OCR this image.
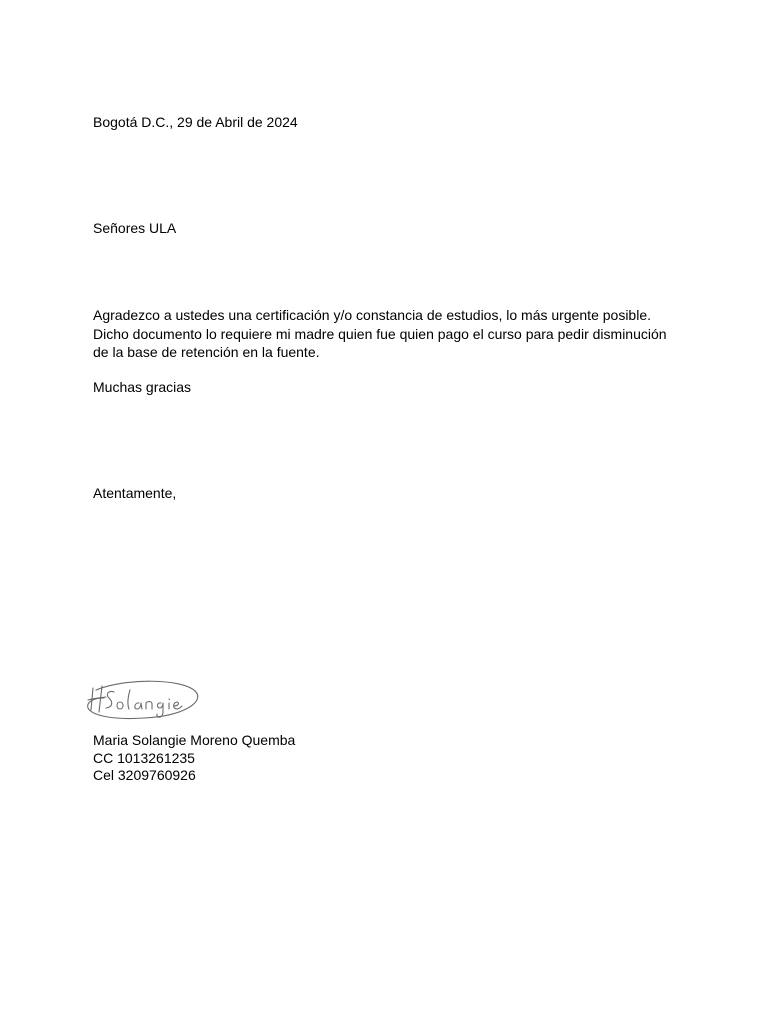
Bogotá D.C., 29 de Abril de 2024
Señores ULA
Agradezco a ustedes una certificación y/o constancia de estudios, lo más urgente posible.
Dicho documento lo requiere mi madre quien fue quien pago el curso para pedir disminución
de la base de retención en la fuente.
Muchas gracias
Atentamente,
Maria Solangie Moreno Quemba
CC 1013261235
Cel 3209760926
